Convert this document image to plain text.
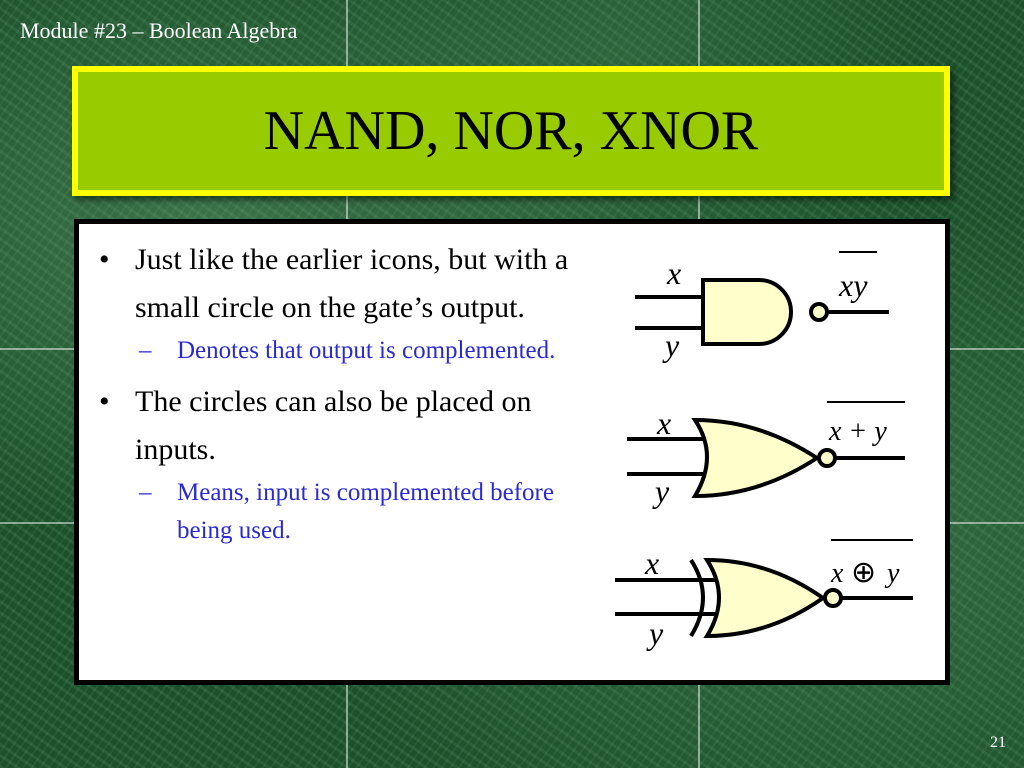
Module #23 – Boolean Algebra
NAND, NOR, XNOR
• Just like the earlier icons, but with a small circle on the gate’s output.
–	Denotes that output is complemented.
• The circles can also be placed on inputs.
–	Means, input is complemented before being used.
x
y
xy
x
y
x + y
x
y
x ⊕ y
21
